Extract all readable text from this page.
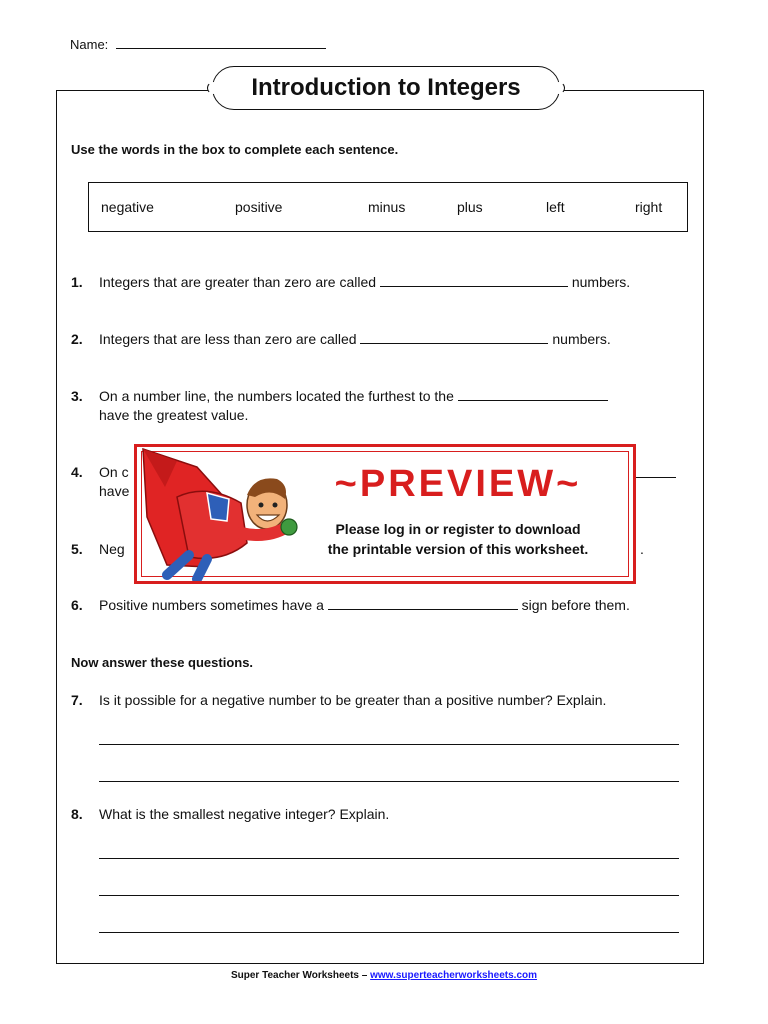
Name:
Introduction to Integers
Use the words in the box to complete each sentence.
negative	positive	minus	plus	left	right
1. Integers that are greater than zero are called	numbers.
2. Integers that are less than zero are called	numbers.
3. On a number line, the numbers located the furthest to the
have the greatest value.
4. On c
have
5. Neg	.
6. Positive numbers sometimes have a	sign before them.
Now answer these questions.
7. Is it possible for a negative number to be greater than a positive number? Explain.
8. What is the smallest negative integer? Explain.
~PREVIEW~
Please log in or register to download
the printable version of this worksheet.
Super Teacher Worksheets – www.superteacherworksheets.com
